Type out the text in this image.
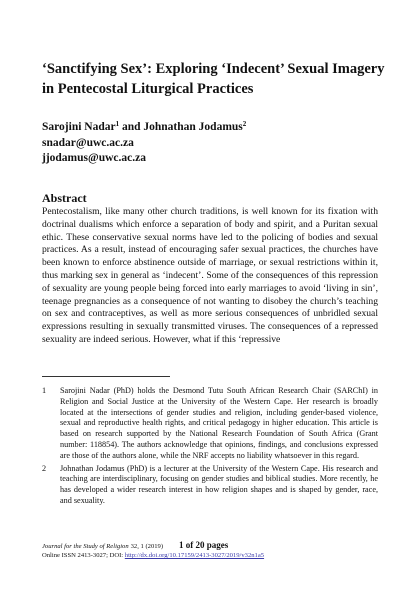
‘Sanctifying Sex’: Exploring ‘Indecent’ Sexual Imagery in Pentecostal Liturgical Practices
Sarojini Nadar$^1$ and Johnathan Jodamus$^2$
snadar@uwc.ac.za
jjodamus@uwc.ac.za
Abstract

Pentecostalism, like many other church traditions, is well known for its fixation with doctrinal dualisms which enforce a separation of body and spirit, and a Puritan sexual ethic. These conservative sexual norms have led to the policing of bodies and sexual practices. As a result, instead of encouraging safer sexual practices, the churches have been known to enforce abstinence outside of marriage, or sexual restrictions within it, thus marking sex in general as ‘indecent’. Some of the consequences of this repression of sexuality are young people being forced into early marriages to avoid ‘living in sin’, teenage pregnancies as a consequence of not wanting to disobey the church’s teaching on sex and contraceptives, as well as more serious consequences of unbridled sexual expressions resulting in sexually transmitted viruses. The consequences of a repressed sexuality are indeed serious. However, what if this ‘repressive

1	Sarojini Nadar (PhD) holds the Desmond Tutu South African Research Chair (SARChI) in Religion and Social Justice at the University of the Western Cape. Her research is broadly located at the intersections of gender studies and religion, including gender-based violence, sexual and reproductive health rights, and critical pedagogy in higher education. This article is based on research supported by the National Research Foundation of South Africa (Grant number: 118854). The authors acknowledge that opinions, findings, and conclusions expressed are those of the authors alone, while the NRF accepts no liability whatsoever in this regard.
2	Johnathan Jodamus (PhD) is a lecturer at the University of the Western Cape. His research and teaching are interdisciplinary, focusing on gender studies and biblical studies. More recently, he has developed a wider research interest in how religion shapes and is shaped by gender, race, and sexuality.
Journal for the Study of Religion 32, 1 (2019) 1 of 20 pages
Online ISSN 2413-3027; DOI: http://dx.doi.org/10.17159/2413-3027/2019/v32n1a5
